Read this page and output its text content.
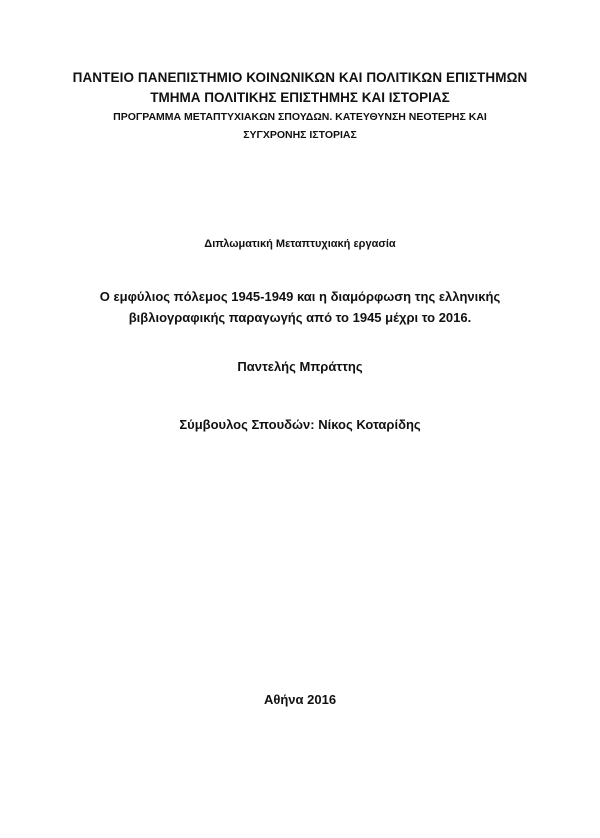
ΠΑΝΤΕΙΟ ΠΑΝΕΠΙΣΤΗΜΙΟ ΚΟΙΝΩΝΙΚΩΝ ΚΑΙ ΠΟΛΙΤΙΚΩΝ ΕΠΙΣΤΗΜΩΝ
ΤΜΗΜΑ ΠΟΛΙΤΙΚΗΣ ΕΠΙΣΤΗΜΗΣ ΚΑΙ ΙΣΤΟΡΙΑΣ
ΠΡΟΓΡΑΜΜΑ ΜΕΤΑΠΤΥΧΙΑΚΩΝ ΣΠΟΥΔΩΝ. ΚΑΤΕΥΘΥΝΣΗ ΝΕΟΤΕΡΗΣ ΚΑΙ
ΣΥΓΧΡΟΝΗΣ ΙΣΤΟΡΙΑΣ
Διπλωματική Μεταπτυχιακή εργασία
Ο εμφύλιος πόλεμος 1945-1949 και η διαμόρφωση της ελληνικής
βιβλιογραφικής παραγωγής από το 1945 μέχρι το 2016.
Παντελής Μπράττης
Σύμβουλος Σπουδών: Νίκος Κοταρίδης
Αθήνα 2016
